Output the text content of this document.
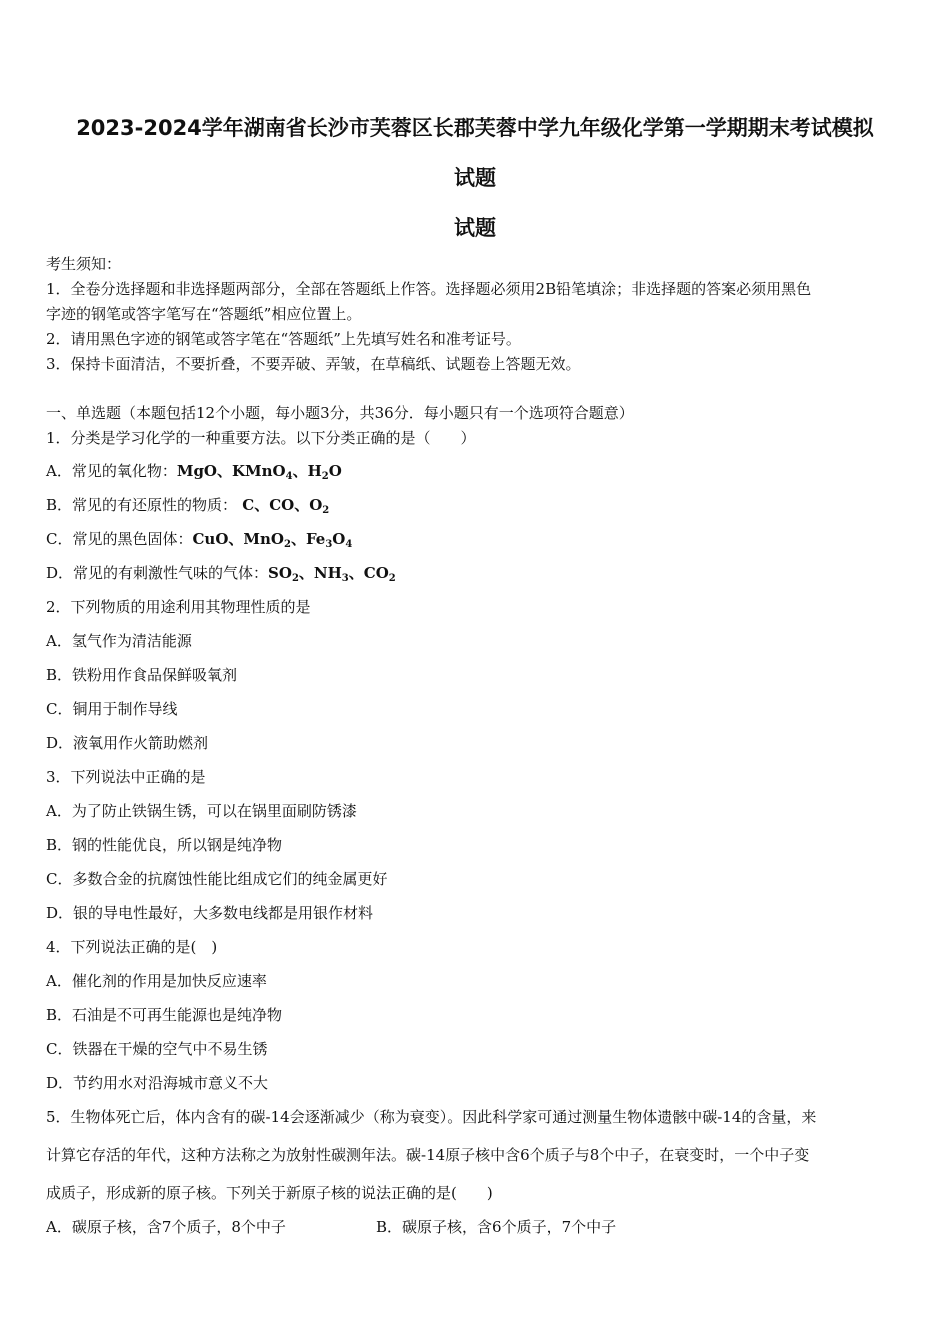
2023-2024学年湖南省长沙市芙蓉区长郡芙蓉中学九年级化学第一学期期末考试模拟
试题
试题
考生须知：
1．全卷分选择题和非选择题两部分，全部在答题纸上作答。选择题必须用2B铅笔填涂；非选择题的答案必须用黑色
字迹的钢笔或答字笔写在“答题纸”相应位置上。
2．请用黑色字迹的钢笔或答字笔在“答题纸”上先填写姓名和准考证号。
3．保持卡面清洁，不要折叠，不要弄破、弄皱，在草稿纸、试题卷上答题无效。
一、单选题（本题包括12个小题，每小题3分，共36分．每小题只有一个选项符合题意）
1．分类是学习化学的一种重要方法。以下分类正确的是（　　）
A．常见的氧化物：MgO、KMnO$_4$、$H_2O$
B．常见的有还原性的物质： C、CO、$O_2$
C．常见的黑色固体：CuO、MnO$_2$、$Fe_3O_4$
D．常见的有刺激性气味的气体：$SO_2$、$NH_3$、$CO_2$
2．下列物质的用途利用其物理性质的是
A．氢气作为清洁能源
B．铁粉用作食品保鲜吸氧剂
C．铜用于制作导线
D．液氧用作火箭助燃剂
3．下列说法中正确的是
A．为了防止铁锅生锈，可以在锅里面刷防锈漆
B．钢的性能优良，所以钢是纯净物
C．多数合金的抗腐蚀性能比组成它们的纯金属更好
D．银的导电性最好，大多数电线都是用银作材料
4．下列说法正确的是(　)
A．催化剂的作用是加快反应速率
B．石油是不可再生能源也是纯净物
C．铁器在干燥的空气中不易生锈
D．节约用水对沿海城市意义不大
5．生物体死亡后，体内含有的碳-14会逐渐减少（称为衰变）。因此科学家可通过测量生物体遗骸中碳-14的含量，来
计算它存活的年代，这种方法称之为放射性碳测年法。碳-14原子核中含6个质子与8个中子，在衰变时，一个中子变
成质子，形成新的原子核。下列关于新原子核的说法正确的是(　　)
A．碳原子核，含7个质子，8个中子	B．碳原子核，含6个质子，7个中子
